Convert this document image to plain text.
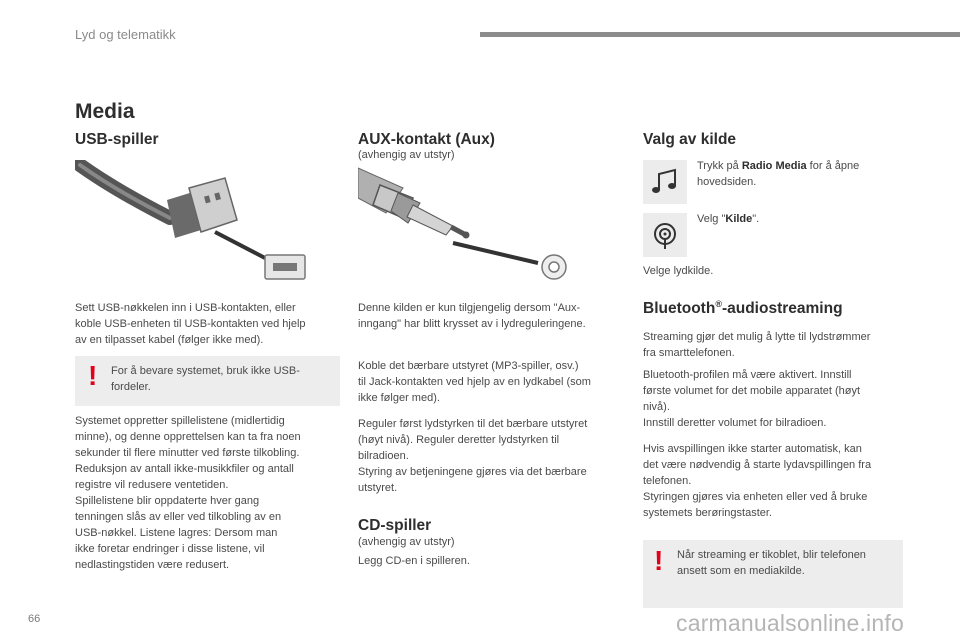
Lyd og telematikk
Media
USB-spiller
Sett USB-nøkkelen inn i USB-kontakten, eller
koble USB-enheten til USB-kontakten ved hjelp
av en tilpasset kabel (følger ikke med).
! For å bevare systemet, bruk ikke USB-
fordeler.
Systemet oppretter spillelistene (midlertidig
minne), og denne opprettelsen kan ta fra noen
sekunder til flere minutter ved første tilkobling.
Reduksjon av antall ikke-musikkfiler og antall
registre vil redusere ventetiden.
Spillelistene blir oppdaterte hver gang
tenningen slås av eller ved tilkobling av en
USB-nøkkel. Listene lagres: Dersom man
ikke foretar endringer i disse listene, vil
nedlastingstiden være redusert.
AUX-kontakt (Aux)
(avhengig av utstyr)
Denne kilden er kun tilgjengelig dersom "Aux-
inngang" har blitt krysset av i lydreguleringene.
Koble det bærbare utstyret (MP3-spiller, osv.)
til Jack-kontakten ved hjelp av en lydkabel (som
ikke følger med).
Reguler først lydstyrken til det bærbare utstyret
(høyt nivå). Reguler deretter lydstyrken til
bilradioen.
Styring av betjeningene gjøres via det bærbare
utstyret.
CD-spiller
(avhengig av utstyr)
Legg CD-en i spilleren.
Valg av kilde
Trykk på Radio Media for å åpne
hovedsiden.
Velg "Kilde".
Velge lydkilde.
Bluetooth®-audiostreaming
Streaming gjør det mulig å lytte til lydstrømmer
fra smarttelefonen.
Bluetooth-profilen må være aktivert. Innstill
første volumet for det mobile apparatet (høyt
nivå).
Innstill deretter volumet for bilradioen.
Hvis avspillingen ikke starter automatisk, kan
det være nødvendig å starte lydavspillingen fra
telefonen.
Styringen gjøres via enheten eller ved å bruke
systemets berøringstaster.
! Når streaming er tikoblet, blir telefonen
ansett som en mediakilde.
66	carmanualsonline.info
